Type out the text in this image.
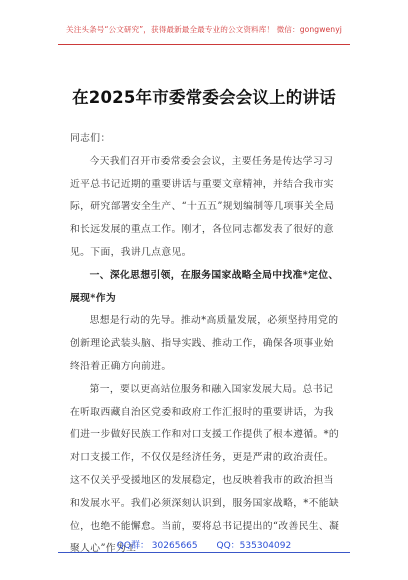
关注头条号“公文研究”，获得最新最全最专业的公文资料库！ 微信：gongwenyj
在2025年市委常委会会议上的讲话

同志们：

今天我们召开市委常委会会议，主要任务是传达学习习近平总书记近期的重要讲话与重要文章精神，并结合我市实际，研究部署安全生产、“十五五”规划编制等几项事关全局和长远发展的重点工作。刚才，各位同志都发表了很好的意见。下面，我讲几点意见。

一、深化思想引领，在服务国家战略全局中找准*定位、展现*作为

思想是行动的先导。推动*高质量发展，必须坚持用党的创新理论武装头脑、指导实践、推动工作，确保各项事业始终沿着正确方向前进。

第一，要以更高站位服务和融入国家发展大局。总书记在听取西藏自治区党委和政府工作汇报时的重要讲话，为我们进一步做好民族工作和对口支援工作提供了根本遵循。*的对口支援工作，不仅仅是经济任务，更是严肃的政治责任。这不仅关乎受援地区的发展稳定，也反映着我市的政治担当和发展水平。我们必须深刻认识到，服务国家战略，*不能缺位，也绝不能懈怠。当前，要将总书记提出的“改善民生、凝聚人心”作为工

QQ群： 30265665 QQ：535304092
